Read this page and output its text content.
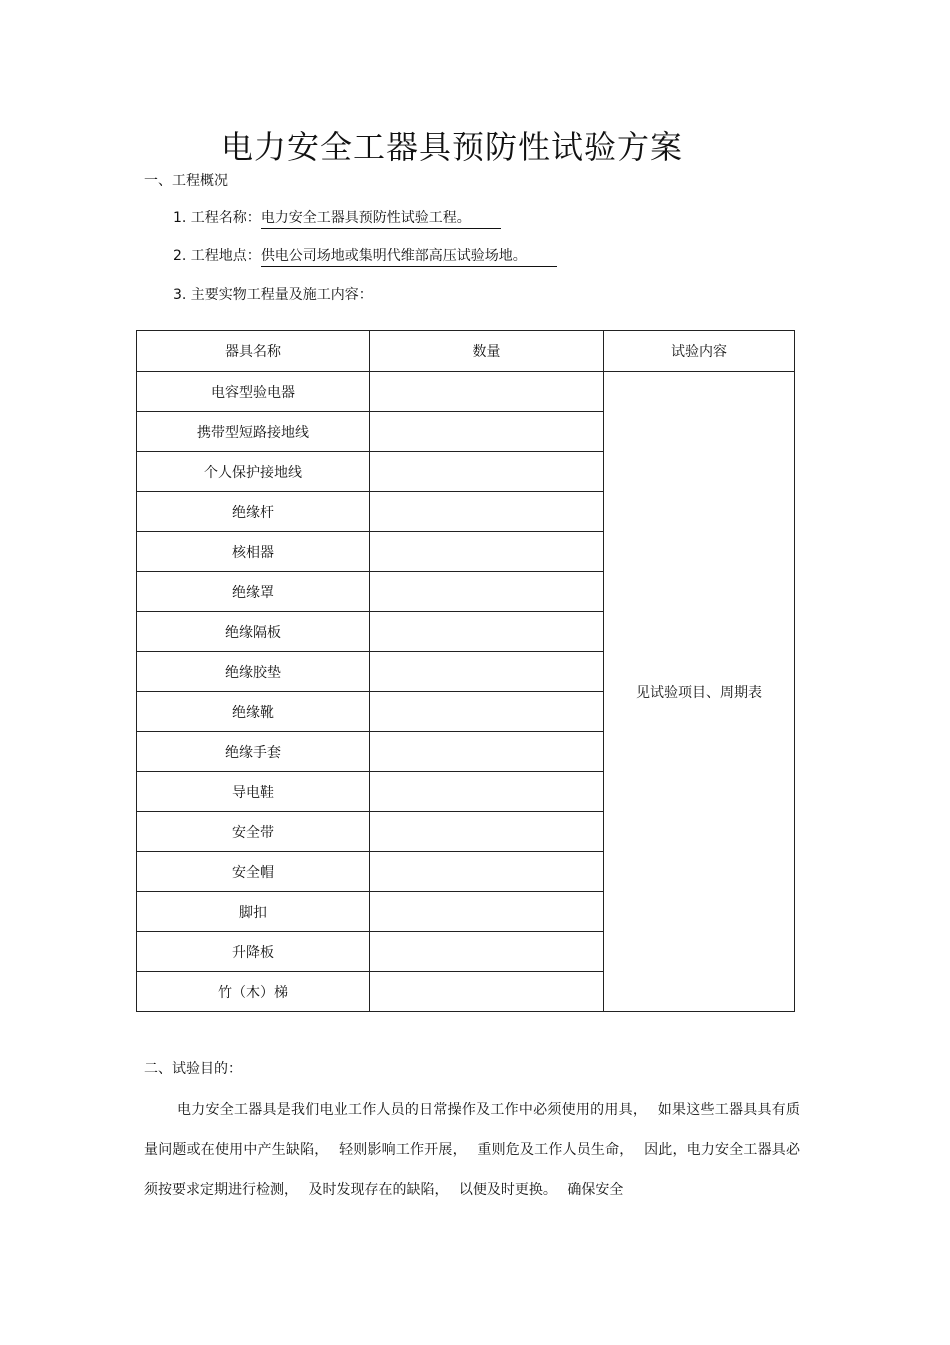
电力安全工器具预防性试验方案
一、工程概况
1. 工程名称：电力安全工器具预防性试验工程。
2. 工程地点：供电公司场地或集明代维部高压试验场地。
3. 主要实物工程量及施工内容：
器具名称	数量	试验内容
电容型验电器		见试验项目、周期表
携带型短路接地线		
个人保护接地线		
绝缘杆		
核相器		
绝缘罩		
绝缘隔板		
绝缘胶垫		
绝缘靴		
绝缘手套		
导电鞋		
安全带		
安全帽		
脚扣		
升降板		
竹（木）梯		
二、试验目的：
电力安全工器具是我们电业工作人员的日常操作及工作中必须使用的用具， 如果这些工器具具有质量问题或在使用中产生缺陷， 轻则影响工作开展， 重则危及工作人员生命， 因此，电力安全工器具必须按要求定期进行检测， 及时发现存在的缺陷， 以便及时更换。 确保安全
